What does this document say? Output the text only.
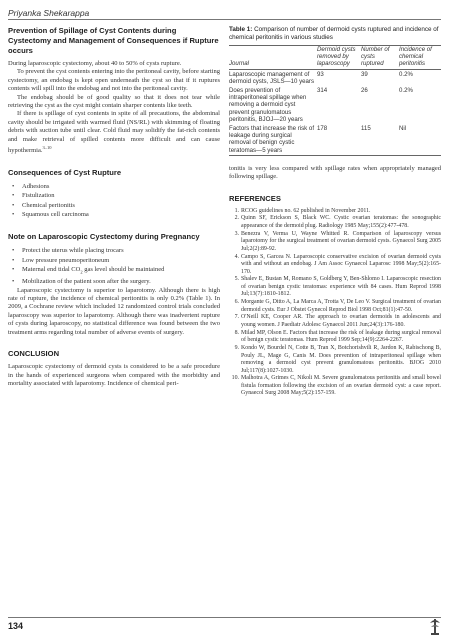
Priyanka Shekarappa
Prevention of Spillage of Cyst Contents during Cystectomy and Management of Consequences if Rupture occurs

During laparoscopic cystectomy, about 40 to 50% of cysts rupture.

To prevent the cyst contents entering into the peritoneal cavity, before starting cystectomy, an endobag is kept open underneath the cyst so that if it ruptures contents will spill into the endobag and not into the peritoneal cavity.

The endobag should be of good quality so that it does not tear while retrieving the cyst as the cyst might contain sharper contents like teeth.

If there is spillage of cyst contents in spite of all precautions, the abdominal cavity should be irrigated with warmed fluid (NS/RL) with skimming of floating debris with suction tube until clear. Cold fluid may solidify the fat-rich contents and make retrieval of spilled contents more difficult and can cause hypothermia.$^{3-10}$

Consequences of Cyst Rupture
• Adhesions
• Fistulization
• Chemical peritonitis
• Squamous cell carcinoma
Note on Laparoscopic Cystectomy during Pregnancy
• Protect the uterus while placing trocars
• Low pressure pneumoperitoneum
• Maternal end tidal $CO_2$ gas level should be maintained
• Mobilization of the patient soon after the surgery.

Laparoscopic cystectomy is superior to laparotomy. Although there is high rate of rupture, the incidence of chemical peritonitis is only 0.2% (Table 1). In 2009, a Cochrane review which included 12 randomized control trials concluded laparoscopy was superior to laparotomy. Although there was inadvertent rupture of cysts during laparoscopy, no statistical difference was found between the two treatment arms regarding total number of adverse events of surgery.

CONCLUSION

Laparoscopic cystectomy of dermoid cysts is considered to be a safe procedure in the hands of experienced surgeons when compared with the morbidity and mortality associated with laparotomy. Incidence of chemical peri-

Table 1: Comparison of number of dermoid cysts ruptured and incidence of chemical peritonitis in various studies
Journal	Dermoid cysts removed by laparoscopy	Number of cysts ruptured	Incidence of chemical peritonitis
Laparoscopic management of dermoid cysts, JSLS—10 years	93	39	0.2%
Does prevention of intraperitoneal spillage when removing a dermoid cyst prevent granulomatous peritonitis, BJOJ—20 years	314	26	0.2%
Factors that increase the risk of leakage during surgical removal of benign cystic teratomas—5 years	178	115	Nil

tonitis is very less compared with spillage rates when appropriately managed following spillage.

REFERENCES
1. RCOG guidelines no. 62 published in November 2011.
2. Quinn SF, Erickson S, Black WC. Cystic ovarian teratomas: the sonographic appearance of the dermoid plug. Radiology 1985 May;155(2):477-478.
3. Benezra V, Verma U, Wayne Whitted R. Comparison of laparoscopy versus laparotomy for the surgical treatment of ovarian dermoid cysts. Gynaecol Surg 2005 Jul;2(2):89-92.
4. Campo S, Garcea N. Laparoscopic conservative excision of ovarian dermoid cysts with and without an endobag. J Am Assoc Gynaecol Laparosc 1998 May;5(2):165-170.
5. Shalev E, Bustan M, Romano S, Goldberg Y, Ben-Shlomo I. Laparoscopic resection of ovarian benign cystic teratomas: experience with 84 cases. Hum Reprod 1998 Jul;13(7):1810-1812.
6. Morgante G, Ditto A, La Marca A, Trotta V, De Leo V. Surgical treatment of ovarian dermoid cysts. Eur J Obstet Gynecol Reprod Biol 1998 Oct;81(1):47-50.
7. O'Neill KE, Cooper AR. The approach to ovarian dermoids in adolescents and young women. J Paediatr Adolesc Gynaecol 2011 Jun;24(3):176-180.
8. Milad MP, Olson E. Factors that increase the risk of leakage during surgical removal of benign cystic teratomas. Hum Reprod 1999 Sep;14(9):2264-2267.
9. Kondo W, Bourdel N, Cotte B, Tran X, Botchorishvili R, Jardon K, Rabischong B, Pouly JL, Mage G, Canis M. Does prevention of intraperitoneal spillage when removing a dermoid cyst prevent granulomatous peritonitis. BJOG 2010 Jul;117(8):1027-1030.
10. Malhotra A, Grimes C, Nikoli M. Severe granulomatous peritonitis and small bowel fistula formation following the excision of an ovarian dermoid cyst: a case report. Gynaecol Surg 2008 May;5(2):157-159.
134
